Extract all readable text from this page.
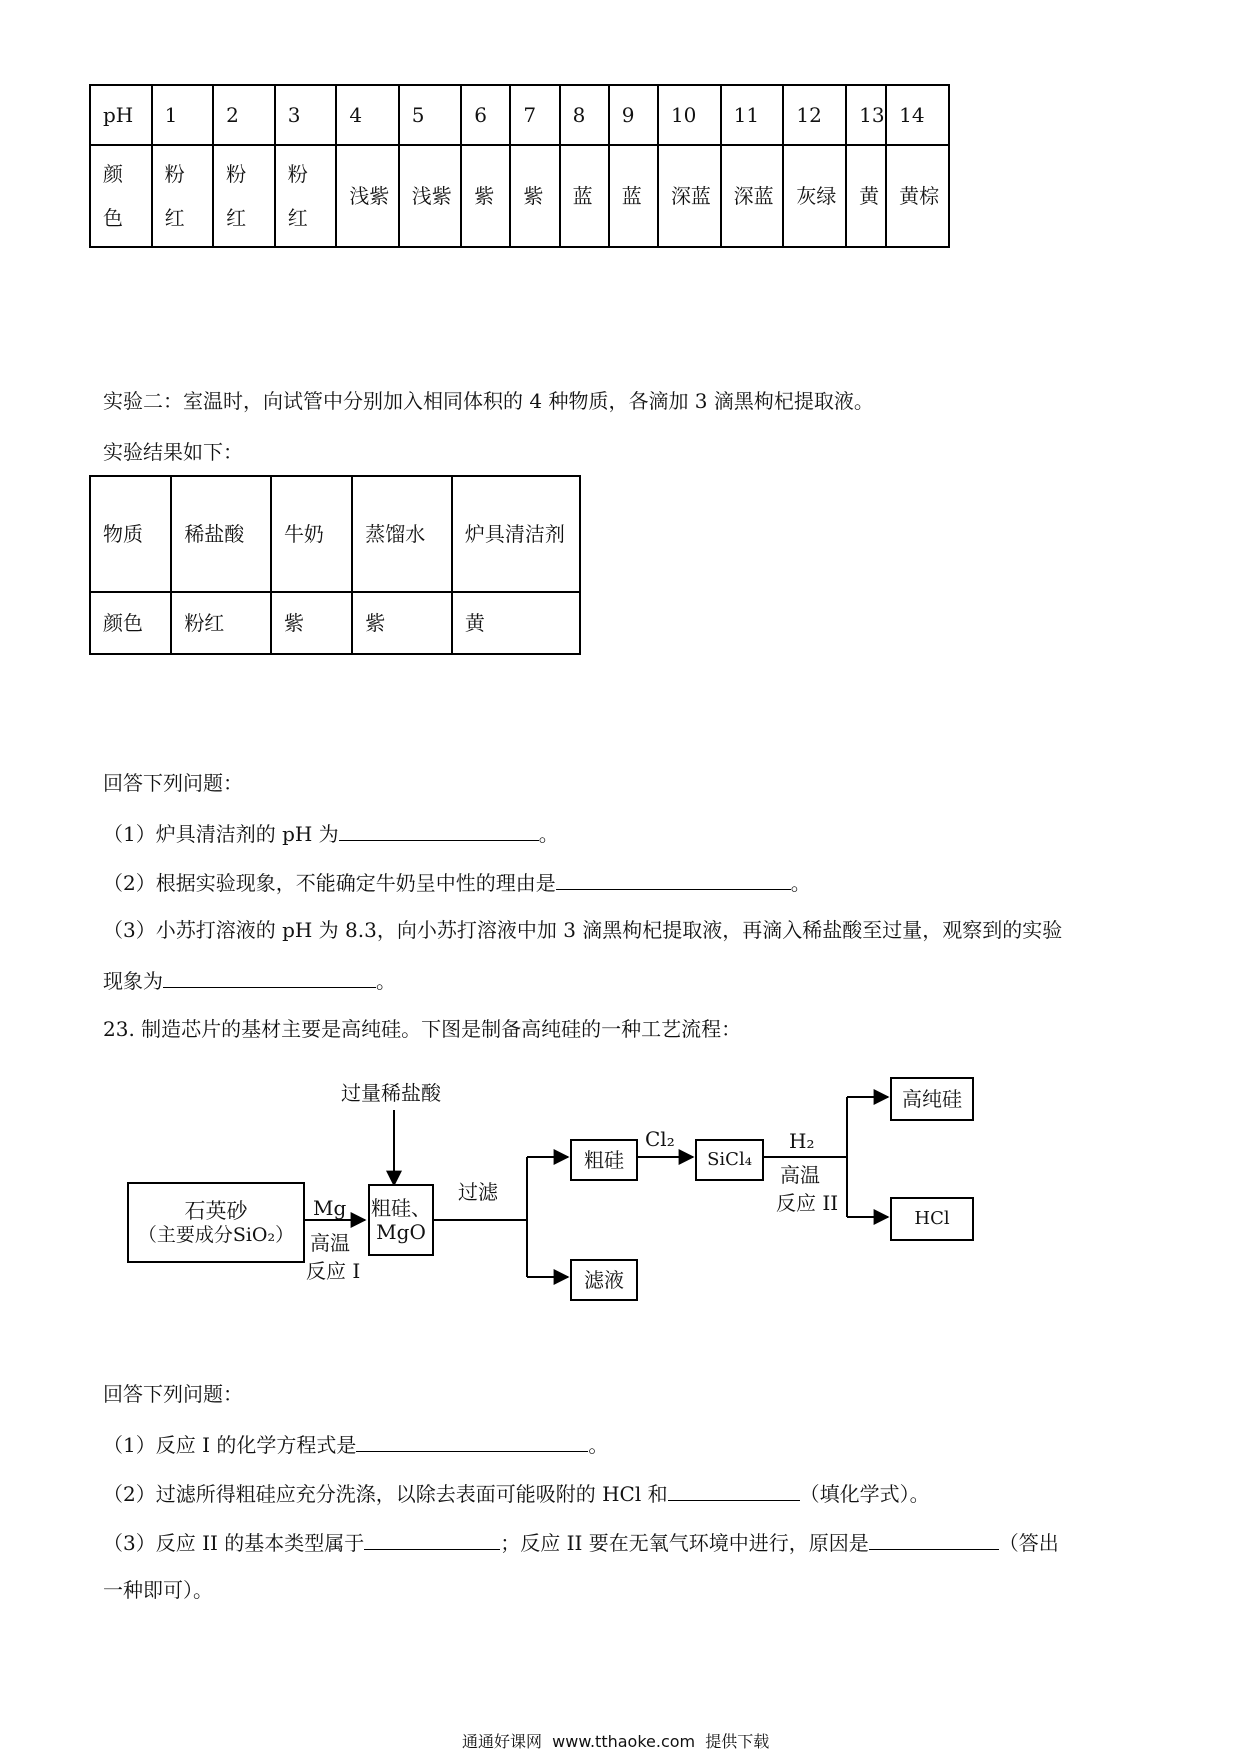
pH	1	2	3	4	5	6	7	8	9	10	11	12	13	14
颜色	粉红	粉红	粉红	浅紫	浅紫	紫	紫	蓝	蓝	深蓝	深蓝	灰绿	黄	黄棕
实验二：室温时，向试管中分别加入相同体积的 4 种物质，各滴加 3 滴黑枸杞提取液。
实验结果如下：
物质	稀盐酸	牛奶	蒸馏水	炉具清洁剂
颜色	粉红	紫	紫	黄
回答下列问题：
（1）炉具清洁剂的 pH 为	。
（2）根据实验现象，不能确定牛奶呈中性的理由是	。
（3）小苏打溶液的 pH 为 8.3，向小苏打溶液中加 3 滴黑枸杞提取液，再滴入稀盐酸至过量，观察到的实验
现象为	。
23. 制造芯片的基材主要是高纯硅。下图是制备高纯硅的一种工艺流程：
石英砂
（主要成分SiO₂）
Mg
高温
反应 I
过量稀盐酸
粗硅、
MgO
过滤
粗硅
滤液
Cl₂
SiCl₄
H₂
高温
反应 II
高纯硅
HCl
回答下列问题：
（1）反应 I 的化学方程式是	。
（2）过滤所得粗硅应充分洗涤，以除去表面可能吸附的 HCl 和	（填化学式）。
（3）反应 II 的基本类型属于	；反应 II 要在无氧气环境中进行，原因是	（答出
一种即可）。
通通好课网  www.tthaoke.com  提供下载
